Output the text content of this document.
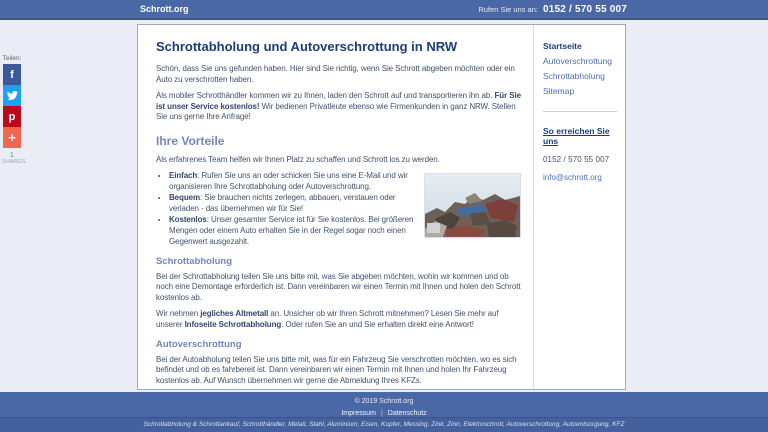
Schrott.org	Rufen Sie uns an: 0152 / 570 55 007
Teilen:
f
p
+
1
SHARES
Schrottabholung und Autoverschrottung in NRW

Schön, dass Sie uns gefunden haben. Hier sind Sie richtig, wenn Sie Schrott abgeben möchten oder ein Auto zu verschrotten haben.

Als mobiler Schrotthändler kommen wir zu Ihnen, laden den Schrott auf und transportieren ihn ab. Für Sie ist unser Service kostenlos! Wir bedienen Privatleute ebenso wie Firmenkunden in ganz NRW. Stellen Sie uns gerne Ihre Anfrage!

Ihre Vorteile

Als erfahrenes Team helfen wir Ihnen Platz zu schaffen und Schrott los zu werden.

• Einfach: Rufen Sie uns an oder schicken Sie uns eine E-Mail und wir organisieren Ihre Schrottabholung oder Autoverschrottung.
• Bequem: Sie brauchen nichts zerlegen, abbauen, verstauen oder verladen - das übernehmen wir für Sie!
• Kostenlos: Unser gesamter Service ist für Sie kostenlos. Bei größeren Mengen oder einem Auto erhalten Sie in der Regel sogar noch einen Gegenwert ausgezahlt.
Schrottabholung

Bei der Schrottabholung teilen Sie uns bitte mit, was Sie abgeben möchten, wohin wir kommen und ob noch eine Demontage erforderlich ist. Dann vereinbaren wir einen Termin mit Ihnen und holen den Schrott kostenlos ab.

Wir nehmen jegliches Altmetall an. Unsicher ob wir Ihren Schrott mitnehmen? Lesen Sie mehr auf unserer Infoseite Schrottabholung. Oder rufen Sie an und Sie erhalten direkt eine Antwort!

Autoverschrottung

Bei der Autoabholung teilen Sie uns bitte mit, was für ein Fahrzeug Sie verschrotten möchten, wo es sich befindet und ob es fahrbereit ist. Dann vereinbaren wir einen Termin mit Ihnen und holen Ihr Fahrzeug kostenlos ab. Auf Wunsch übernehmen wir gerne die Abmeldung Ihres KFZs.

Startseite
Autoverschrottung
Schrottabholung
Sitemap
So erreichen Sie uns
0152 / 570 55 007
info@schrott.org
© 2019 Schrott.org
Impressum | Datenschutz
Schrottabholung & Schrottankauf, Schrotthändler, Metall, Stahl, Aluminium, Eisen, Kupfer, Messing, Zink, Zinn, Elektroschrott, Autoverschrottung, Autoentsorgung, KFZ
